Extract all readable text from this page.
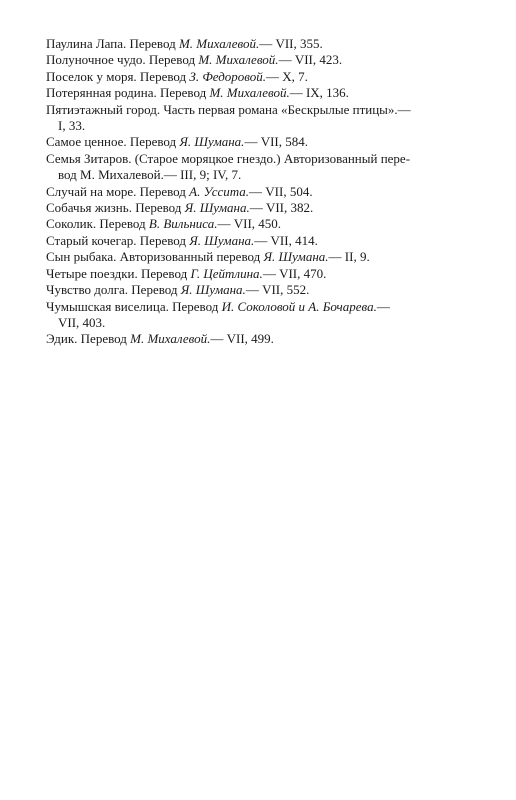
Паулина Лапа. Перевод М. Михалевой.— VII, 355.
Полуночное чудо. Перевод М. Михалевой.— VII, 423.
Поселок у моря. Перевод З. Федоровой.— X, 7.
Потерянная родина. Перевод М. Михалевой.— IX, 136.
Пятиэтажный город. Часть первая романа «Бескрылые птицы».—
I, 33.
Самое ценное. Перевод Я. Шумана.— VII, 584.
Семья Зитаров. (Старое моряцкое гнездо.) Авторизованный пере-
вод М. Михалевой.— III, 9; IV, 7.
Случай на море. Перевод А. Уссита.— VII, 504.
Собачья жизнь. Перевод Я. Шумана.— VII, 382.
Соколик. Перевод В. Вильниса.— VII, 450.
Старый кочегар. Перевод Я. Шумана.— VII, 414.
Сын рыбака. Авторизованный перевод Я. Шумана.— II, 9.
Четыре поездки. Перевод Г. Цейтлина.— VII, 470.
Чувство долга. Перевод Я. Шумана.— VII, 552.
Чумышская виселица. Перевод И. Соколовой и А. Бочарева.—
VII, 403.
Эдик. Перевод М. Михалевой.— VII, 499.
